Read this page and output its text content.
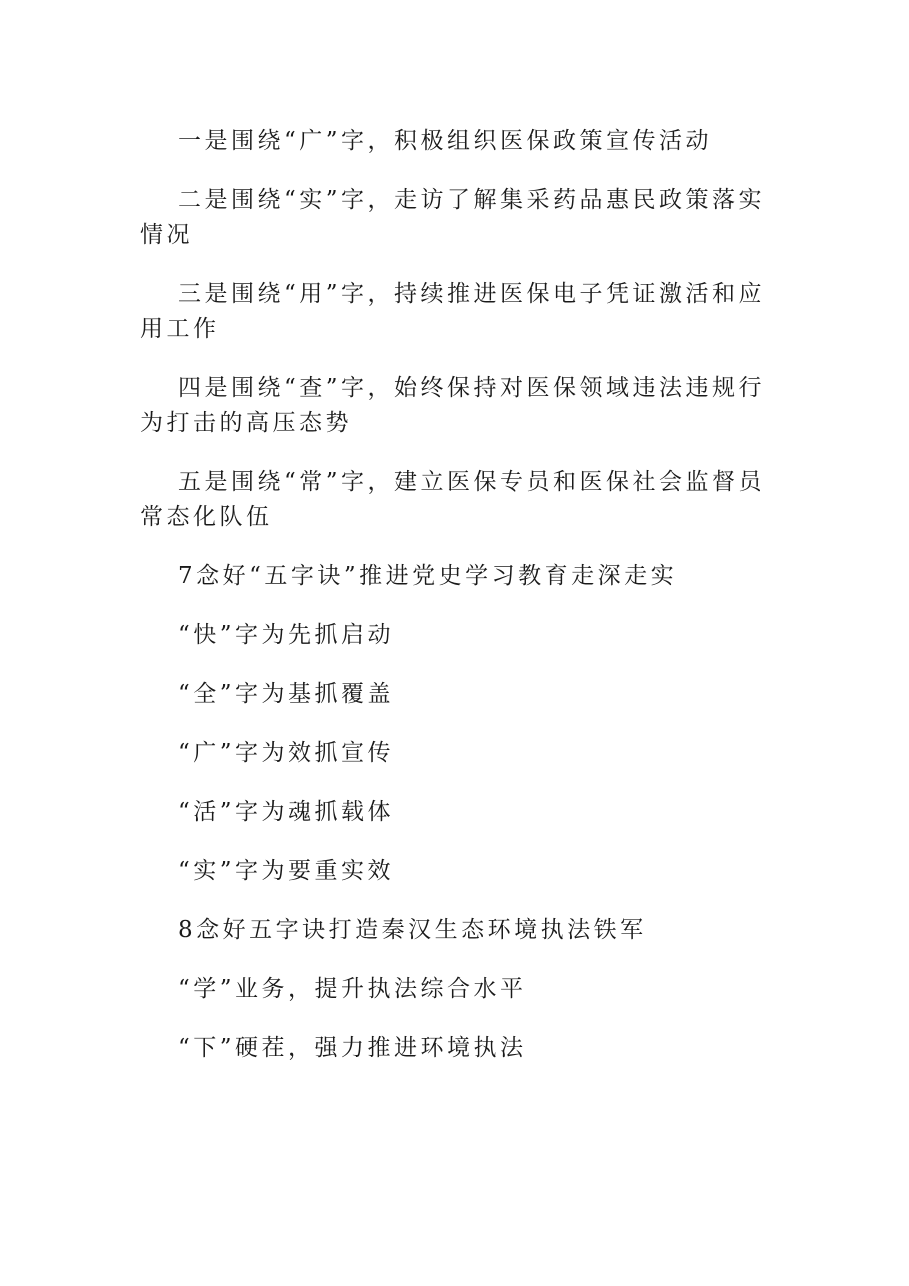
一是围绕“广”字，积极组织医保政策宣传活动

二是围绕“实”字，走访了解集采药品惠民政策落实情况

三是围绕“用”字，持续推进医保电子凭证激活和应用工作

四是围绕“查”字，始终保持对医保领域违法违规行为打击的高压态势

五是围绕“常”字，建立医保专员和医保社会监督员常态化队伍

7念好“五字诀”推进党史学习教育走深走实

“快”字为先抓启动

“全”字为基抓覆盖

“广”字为效抓宣传

“活”字为魂抓载体

“实”字为要重实效

8念好五字诀打造秦汉生态环境执法铁军

“学”业务，提升执法综合水平

“下”硬茬，强力推进环境执法
